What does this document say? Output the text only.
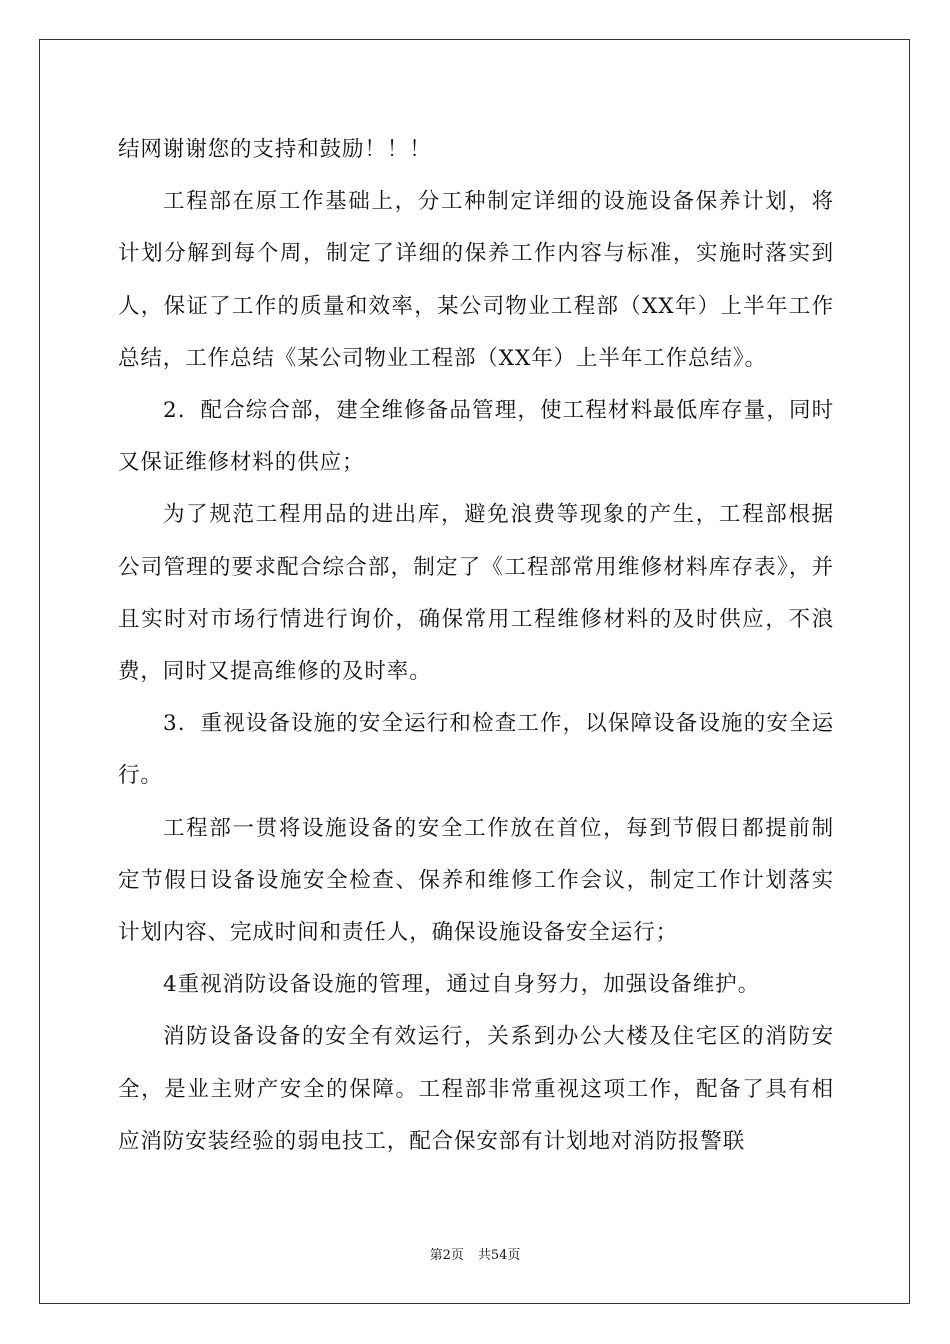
结网谢谢您的支持和鼓励！！！

工程部在原工作基础上，分工种制定详细的设施设备保养计划，将计划分解到每个周，制定了详细的保养工作内容与标准，实施时落实到人，保证了工作的质量和效率，某公司物业工程部（XX年）上半年工作总结，工作总结《某公司物业工程部（XX年）上半年工作总结》。

2．配合综合部，建全维修备品管理，使工程材料最低库存量，同时又保证维修材料的供应；

为了规范工程用品的进出库，避免浪费等现象的产生，工程部根据公司管理的要求配合综合部，制定了《工程部常用维修材料库存表》，并且实时对市场行情进行询价，确保常用工程维修材料的及时供应，不浪费，同时又提高维修的及时率。

3．重视设备设施的安全运行和检查工作，以保障设备设施的安全运行。

工程部一贯将设施设备的安全工作放在首位，每到节假日都提前制定节假日设备设施安全检查、保养和维修工作会议，制定工作计划落实计划内容、完成时间和责任人，确保设施设备安全运行；

4重视消防设备设施的管理，通过自身努力，加强设备维护。

消防设备设备的安全有效运行，关系到办公大楼及住宅区的消防安全，是业主财产安全的保障。工程部非常重视这项工作，配备了具有相应消防安装经验的弱电技工，配合保安部有计划地对消防报警联

第2页 共54页
